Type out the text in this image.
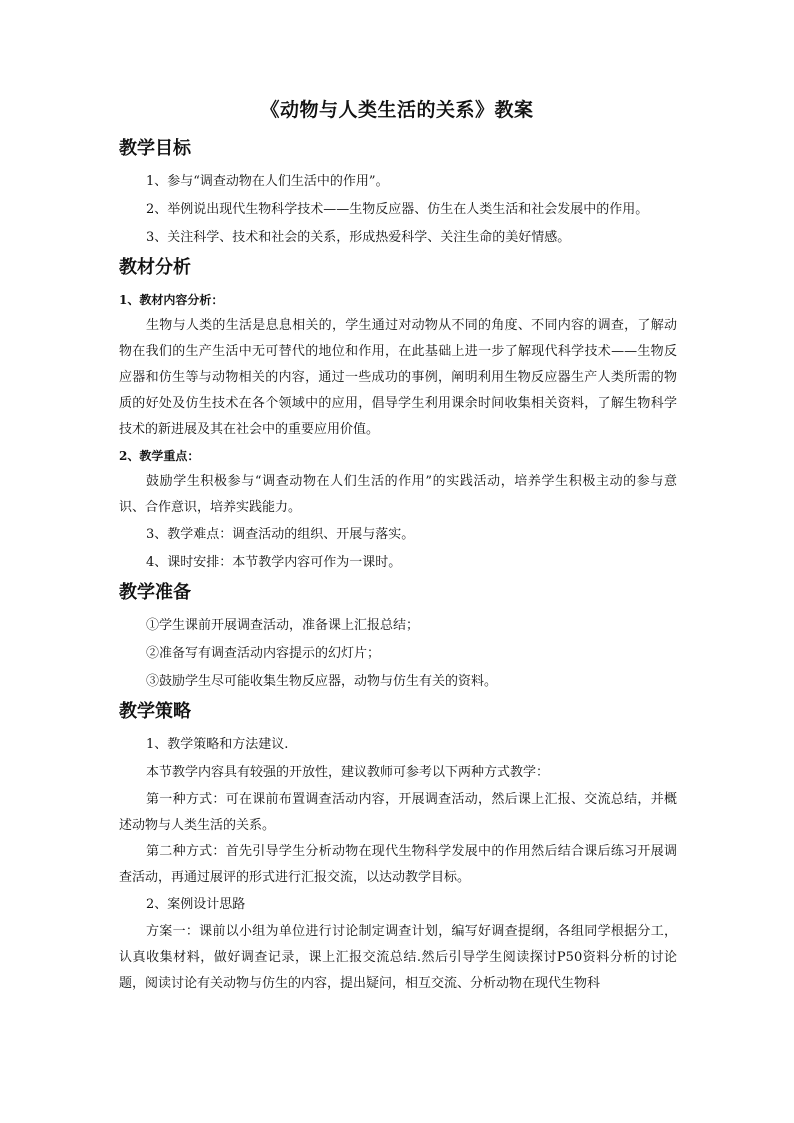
《动物与人类生活的关系》教案
教学目标

1、参与“调查动物在人们生活中的作用”。

2、举例说出现代生物科学技术——生物反应器、仿生在人类生活和社会发展中的作用。

3、关注科学、技术和社会的关系，形成热爱科学、关注生命的美好情感。

教材分析
1、教材内容分析：

生物与人类的生活是息息相关的，学生通过对动物从不同的角度、不同内容的调查，了解动物在我们的生产生活中无可替代的地位和作用，在此基础上进一步了解现代科学技术——生物反应器和仿生等与动物相关的内容，通过一些成功的事例，阐明利用生物反应器生产人类所需的物质的好处及仿生技术在各个领域中的应用，倡导学生利用课余时间收集相关资料，了解生物科学技术的新进展及其在社会中的重要应用价值。

2、教学重点：

鼓励学生积极参与“调查动物在人们生活的作用”的实践活动，培养学生积极主动的参与意识、合作意识，培养实践能力。

3、教学难点：调查活动的组织、开展与落实。

4、课时安排：本节教学内容可作为一课时。

教学准备

①学生课前开展调查活动，准备课上汇报总结；

②准备写有调查活动内容提示的幻灯片；

③鼓励学生尽可能收集生物反应器，动物与仿生有关的资料。

教学策略

1、教学策略和方法建议.

本节教学内容具有较强的开放性，建议教师可参考以下两种方式教学：

第一种方式：可在课前布置调查活动内容，开展调查活动，然后课上汇报、交流总结，并概述动物与人类生活的关系。

第二种方式：首先引导学生分析动物在现代生物科学发展中的作用然后结合课后练习开展调查活动，再通过展评的形式进行汇报交流，以达动教学目标。

2、案例设计思路

方案一：课前以小组为单位进行讨论制定调查计划，编写好调查提纲，各组同学根据分工，认真收集材料，做好调查记录，课上汇报交流总结.然后引导学生阅读探讨P50资料分析的讨论题，阅读讨论有关动物与仿生的内容，提出疑问，相互交流、分析动物在现代生物科
